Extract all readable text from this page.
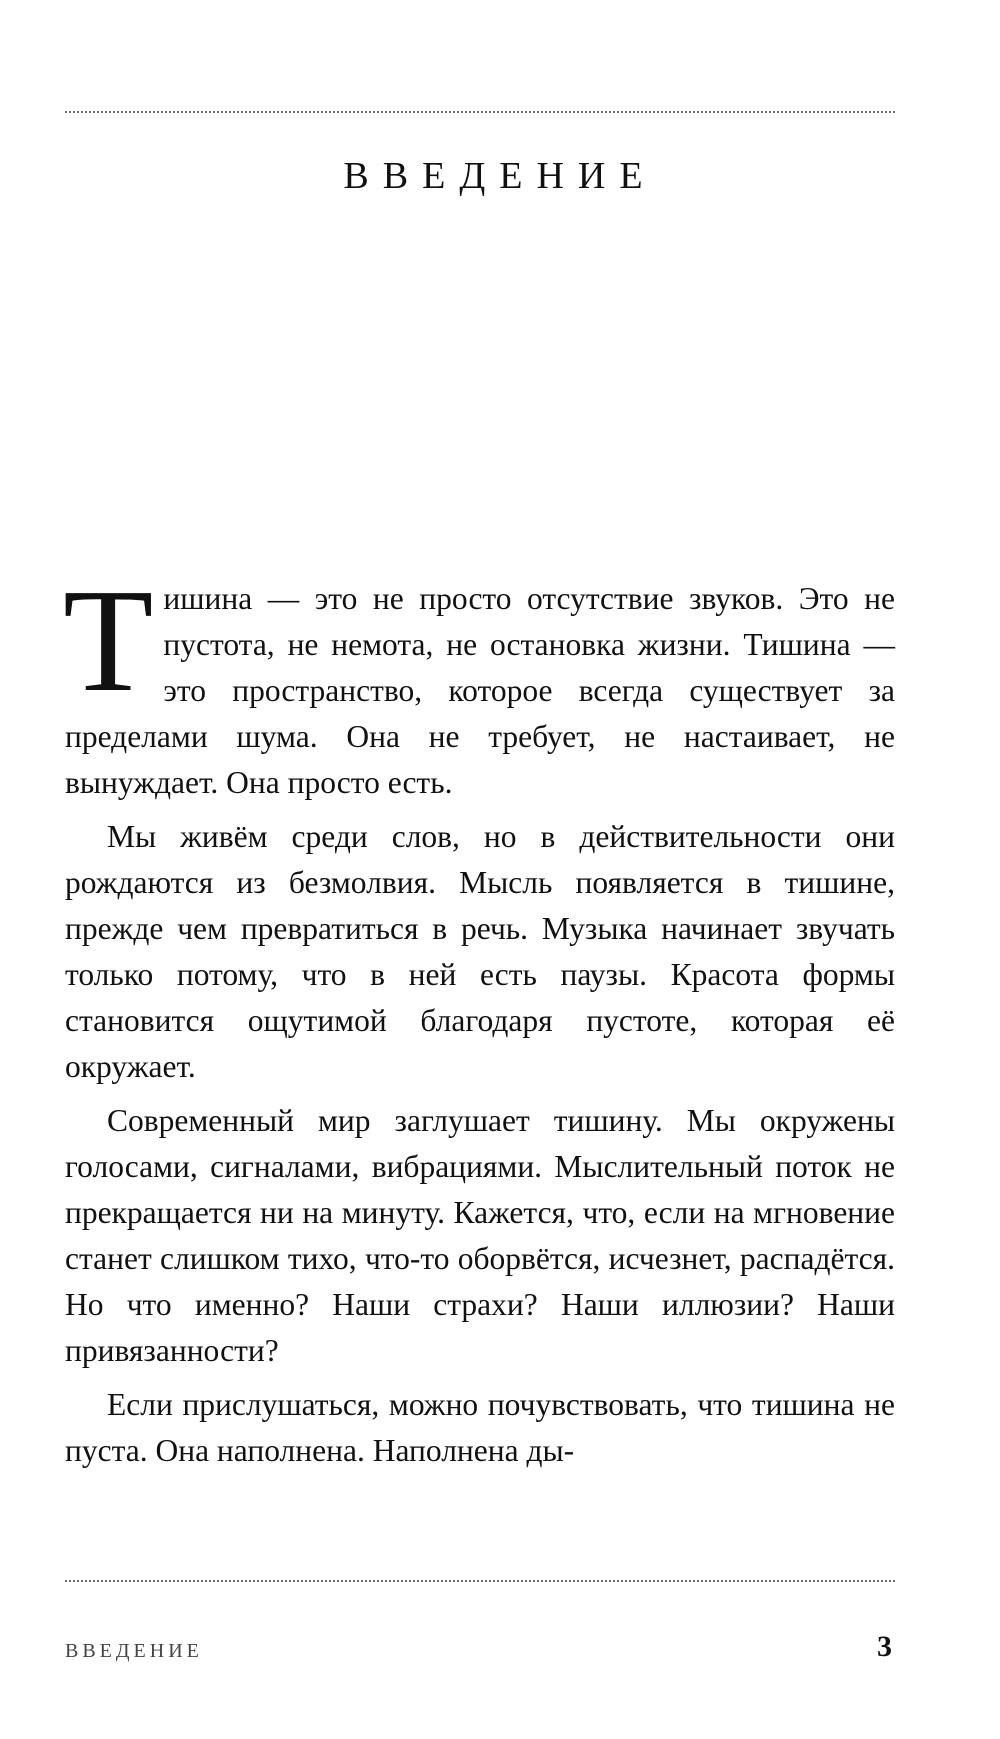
ВВЕДЕНИЕ

Тишина — это не просто отсутствие звуков. Это не пустота, не немота, не остановка жизни. Тишина — это пространство, которое всегда существует за пределами шума. Она не требует, не настаивает, не вынуждает. Она просто есть.

Мы живём среди слов, но в действительности они рождаются из безмолвия. Мысль появляется в тишине, прежде чем превратиться в речь. Музыка начинает звучать только потому, что в ней есть паузы. Красота формы становится ощутимой благодаря пустоте, которая её окружает.

Современный мир заглушает тишину. Мы окружены голосами, сигналами, вибрациями. Мыслительный поток не прекращается ни на минуту. Кажется, что, если на мгновение станет слишком тихо, что-то оборвётся, исчезнет, распадётся. Но что именно? Наши страхи? Наши иллюзии? Наши привязанности?

Если прислушаться, можно почувствовать, что тишина не пуста. Она наполнена. Наполнена ды-

ВВЕДЕНИЕ	3
